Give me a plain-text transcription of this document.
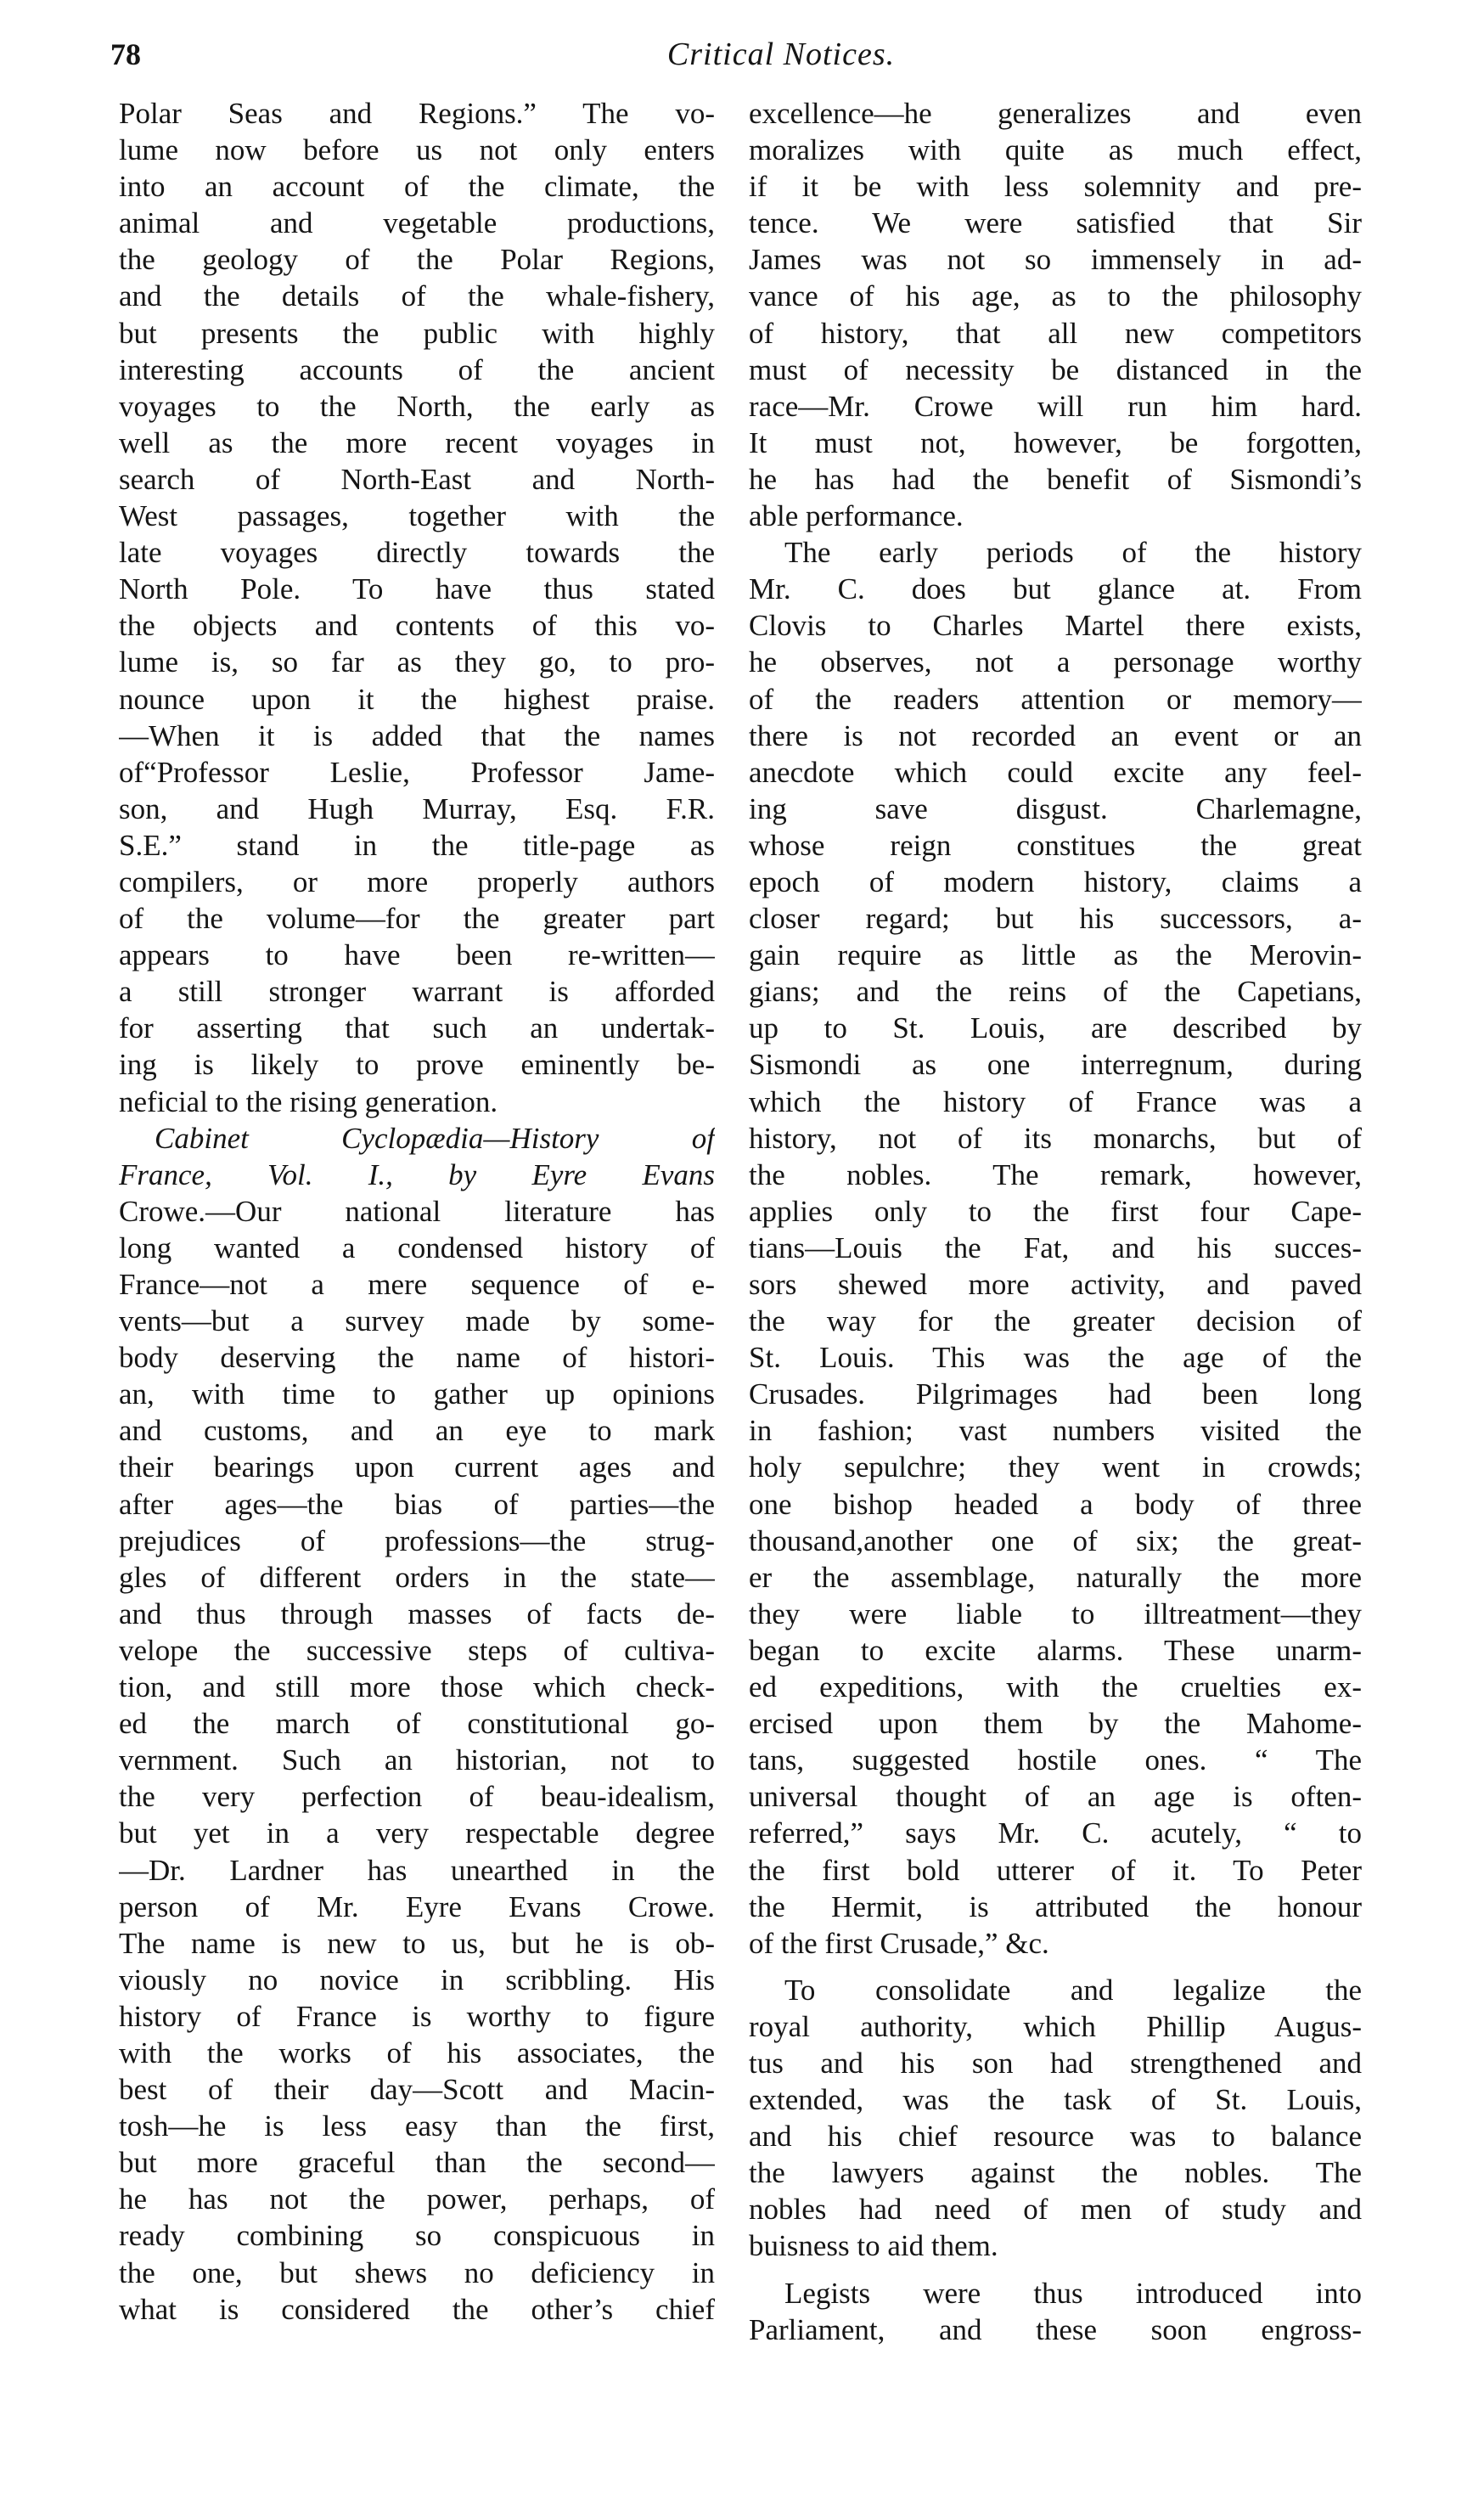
78	Critical Notices.
Polar Seas and Regions.” The vo-
lume now before us not only enters
into an account of the climate, the
animal and vegetable productions,
the geology of the Polar Regions,
and the details of the whale-fishery,
but presents the public with highly
interesting accounts of the ancient
voyages to the North, the early as
well as the more recent voyages in
search of North-East and North-
West passages, together with the
late voyages directly towards the
North Pole. To have thus stated
the objects and contents of this vo-
lume is, so far as they go, to pro-
nounce upon it the highest praise.
—When it is added that the names
of“Professor Leslie, Professor Jame-
son, and Hugh Murray, Esq. F.R.
S.E.” stand in the title-page as
compilers, or more properly authors
of the volume—for the greater part
appears to have been re-written—
a still stronger warrant is afforded
for asserting that such an undertak-
ing is likely to prove eminently be-
neficial to the rising generation.
Cabinet Cyclopædia—History of
France, Vol. I., by Eyre Evans
Crowe.—Our national literature has
long wanted a condensed history of
France—not a mere sequence of e-
vents—but a survey made by some-
body deserving the name of histori-
an, with time to gather up opinions
and customs, and an eye to mark
their bearings upon current ages and
after ages—the bias of parties—the
prejudices of professions—the strug-
gles of different orders in the state—
and thus through masses of facts de-
velope the successive steps of cultiva-
tion, and still more those which check-
ed the march of constitutional go-
vernment. Such an historian, not to
the very perfection of beau-idealism,
but yet in a very respectable degree
—Dr. Lardner has unearthed in the
person of Mr. Eyre Evans Crowe.
The name is new to us, but he is ob-
viously no novice in scribbling. His
history of France is worthy to figure
with the works of his associates, the
best of their day—Scott and Macin-
tosh—he is less easy than the first,
but more graceful than the second—
he has not the power, perhaps, of
ready combining so conspicuous in
the one, but shews no deficiency in
what is considered the other’s chief
excellence—he generalizes and even
moralizes with quite as much effect,
if it be with less solemnity and pre-
tence. We were satisfied that Sir
James was not so immensely in ad-
vance of his age, as to the philosophy
of history, that all new competitors
must of necessity be distanced in the
race—Mr. Crowe will run him hard.
It must not, however, be forgotten,
he has had the benefit of Sismondi’s
able performance.
The early periods of the history
Mr. C. does but glance at. From
Clovis to Charles Martel there exists,
he observes, not a personage worthy
of the readers attention or memory—
there is not recorded an event or an
anecdote which could excite any feel-
ing save disgust. Charlemagne,
whose reign constitues the great
epoch of modern history, claims a
closer regard; but his successors, a-
gain require as little as the Merovin-
gians; and the reins of the Capetians,
up to St. Louis, are described by
Sismondi as one interregnum, during
which the history of France was a
history, not of its monarchs, but of
the nobles. The remark, however,
applies only to the first four Cape-
tians—Louis the Fat, and his succes-
sors shewed more activity, and paved
the way for the greater decision of
St. Louis. This was the age of the
Crusades. Pilgrimages had been long
in fashion; vast numbers visited the
holy sepulchre; they went in crowds;
one bishop headed a body of three
thousand,another one of six; the great-
er the assemblage, naturally the more
they were liable to illtreatment—they
began to excite alarms. These unarm-
ed expeditions, with the cruelties ex-
ercised upon them by the Mahome-
tans, suggested hostile ones. “ The
universal thought of an age is often-
referred,” says Mr. C. acutely, “ to
the first bold utterer of it. To Peter
the Hermit, is attributed the honour
of the first Crusade,” &c.
To consolidate and legalize the
royal authority, which Phillip Augus-
tus and his son had strengthened and
extended, was the task of St. Louis,
and his chief resource was to balance
the lawyers against the nobles. The
nobles had need of men of study and
buisness to aid them.
Legists were thus introduced into
Parliament, and these soon engross-
